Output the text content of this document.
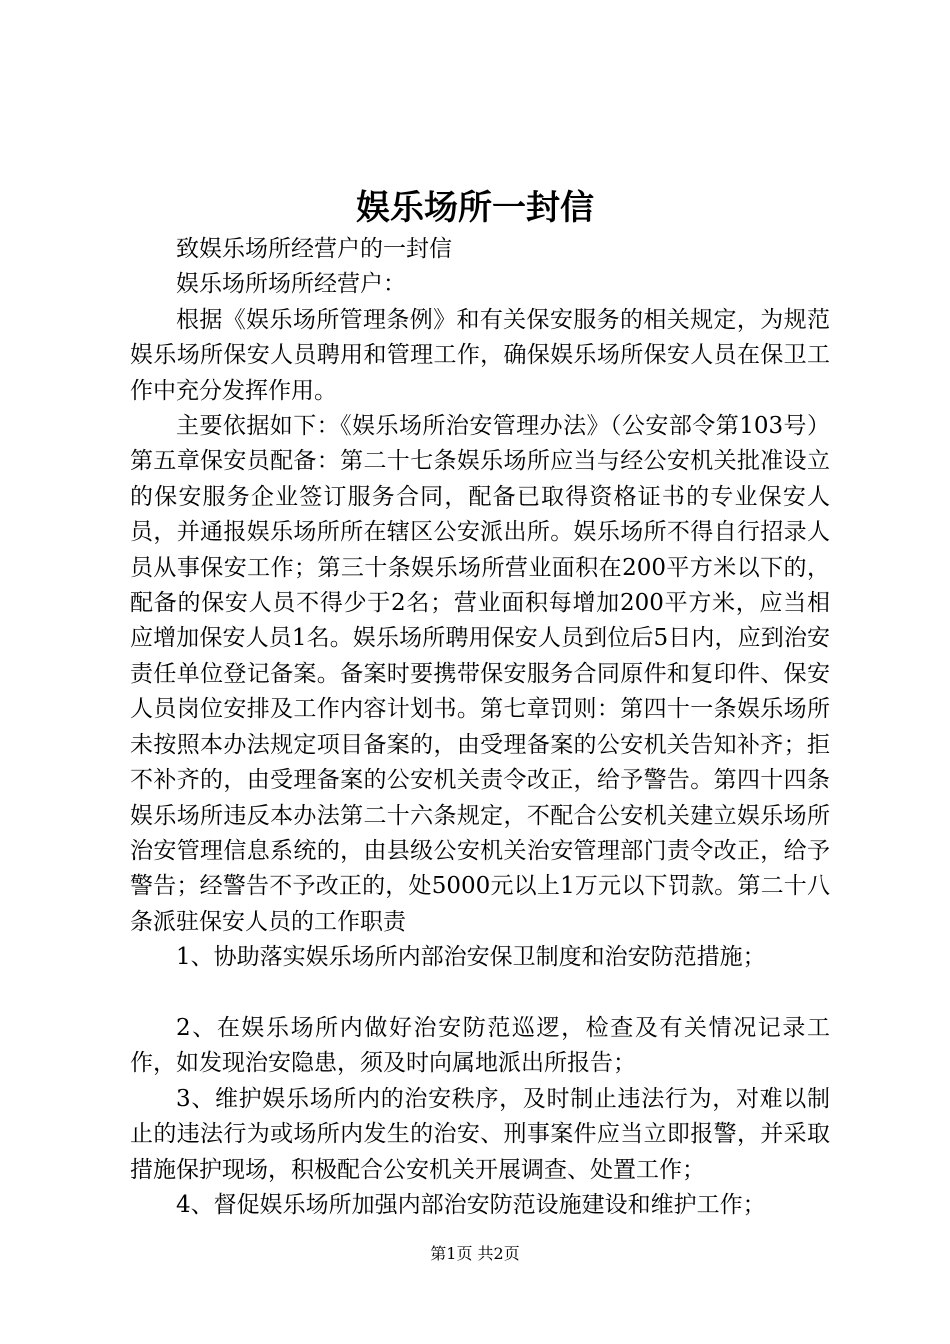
娱乐场所一封信

致娱乐场所经营户的一封信

娱乐场所场所经营户：

根据《娱乐场所管理条例》和有关保安服务的相关规定，为规范娱乐场所保安人员聘用和管理工作，确保娱乐场所保安人员在保卫工作中充分发挥作用。

主要依据如下：《娱乐场所治安管理办法》（公安部令第103号）第五章保安员配备：第二十七条娱乐场所应当与经公安机关批准设立的保安服务企业签订服务合同，配备已取得资格证书的专业保安人员，并通报娱乐场所所在辖区公安派出所。娱乐场所不得自行招录人员从事保安工作；第三十条娱乐场所营业面积在200平方米以下的，配备的保安人员不得少于2名；营业面积每增加200平方米，应当相应增加保安人员1名。娱乐场所聘用保安人员到位后5日内，应到治安责任单位登记备案。备案时要携带保安服务合同原件和复印件、保安人员岗位安排及工作内容计划书。第七章罚则：第四十一条娱乐场所未按照本办法规定项目备案的，由受理备案的公安机关告知补齐；拒不补齐的，由受理备案的公安机关责令改正，给予警告。第四十四条娱乐场所违反本办法第二十六条规定，不配合公安机关建立娱乐场所治安管理信息系统的，由县级公安机关治安管理部门责令改正，给予警告；经警告不予改正的，处5000元以上1万元以下罚款。第二十八条派驻保安人员的工作职责

1、协助落实娱乐场所内部治安保卫制度和治安防范措施；

2、在娱乐场所内做好治安防范巡逻，检查及有关情况记录工作，如发现治安隐患，须及时向属地派出所报告；

3、维护娱乐场所内的治安秩序，及时制止违法行为，对难以制止的违法行为或场所内发生的治安、刑事案件应当立即报警，并采取措施保护现场，积极配合公安机关开展调查、处置工作；

4、督促娱乐场所加强内部治安防范设施建设和维护工作；

第1页 共2页
